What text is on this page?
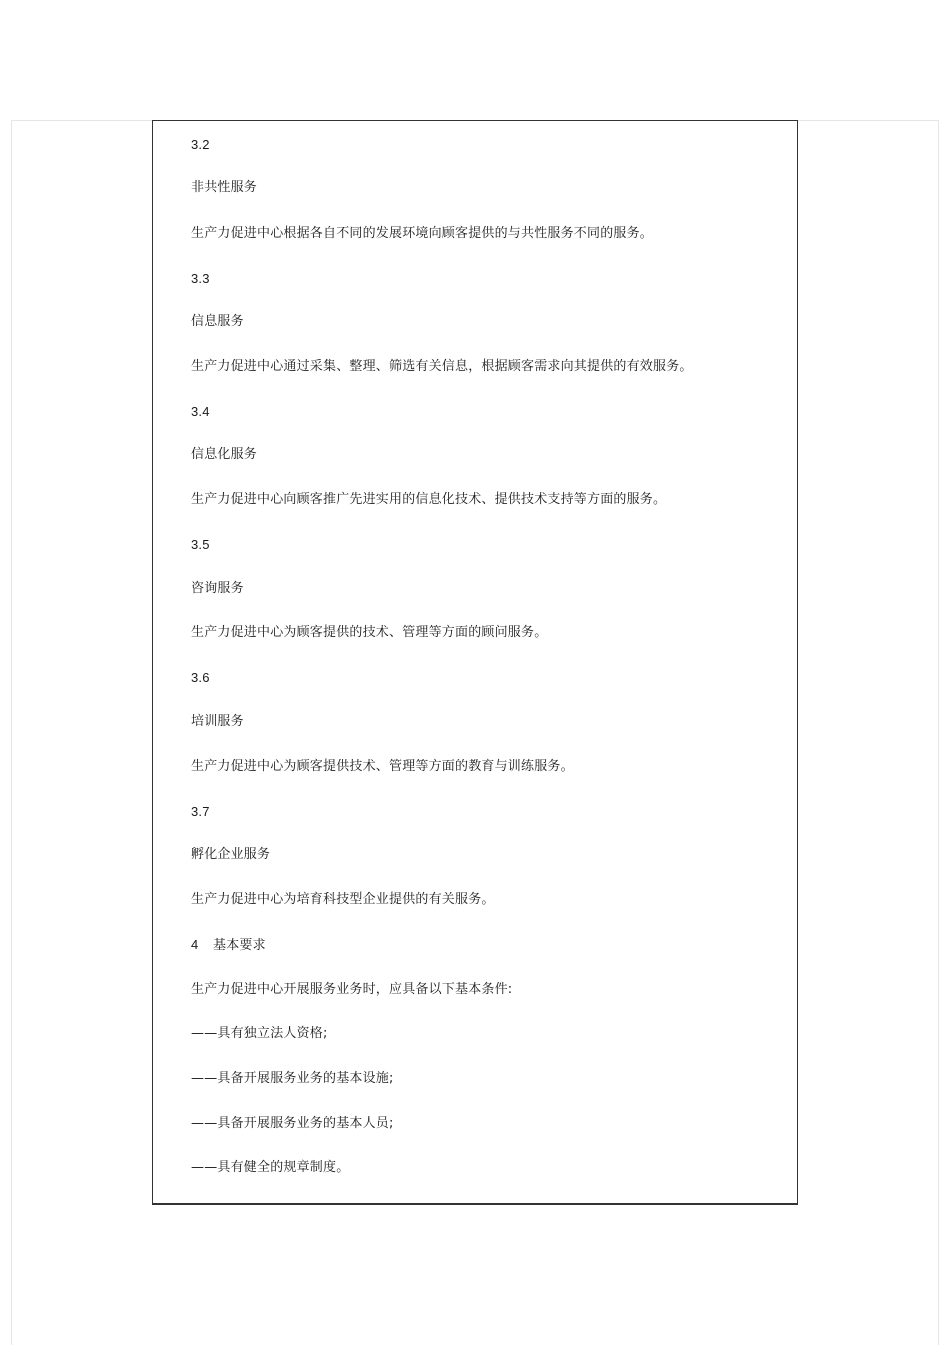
3.2
非共性服务
生产力促进中心根据各自不同的发展环境向顾客提供的与共性服务不同的服务。
3.3
信息服务
生产力促进中心通过采集、整理、筛选有关信息，根据顾客需求向其提供的有效服务。
3.4
信息化服务
生产力促进中心向顾客推广先进实用的信息化技术、提供技术支持等方面的服务。
3.5
咨询服务
生产力促进中心为顾客提供的技术、管理等方面的顾问服务。
3.6
培训服务
生产力促进中心为顾客提供技术、管理等方面的教育与训练服务。
3.7
孵化企业服务
生产力促进中心为培育科技型企业提供的有关服务。
4 基本要求
生产力促进中心开展服务业务时，应具备以下基本条件:
——具有独立法人资格;
——具备开展服务业务的基本设施;
——具备开展服务业务的基本人员;
——具有健全的规章制度。
